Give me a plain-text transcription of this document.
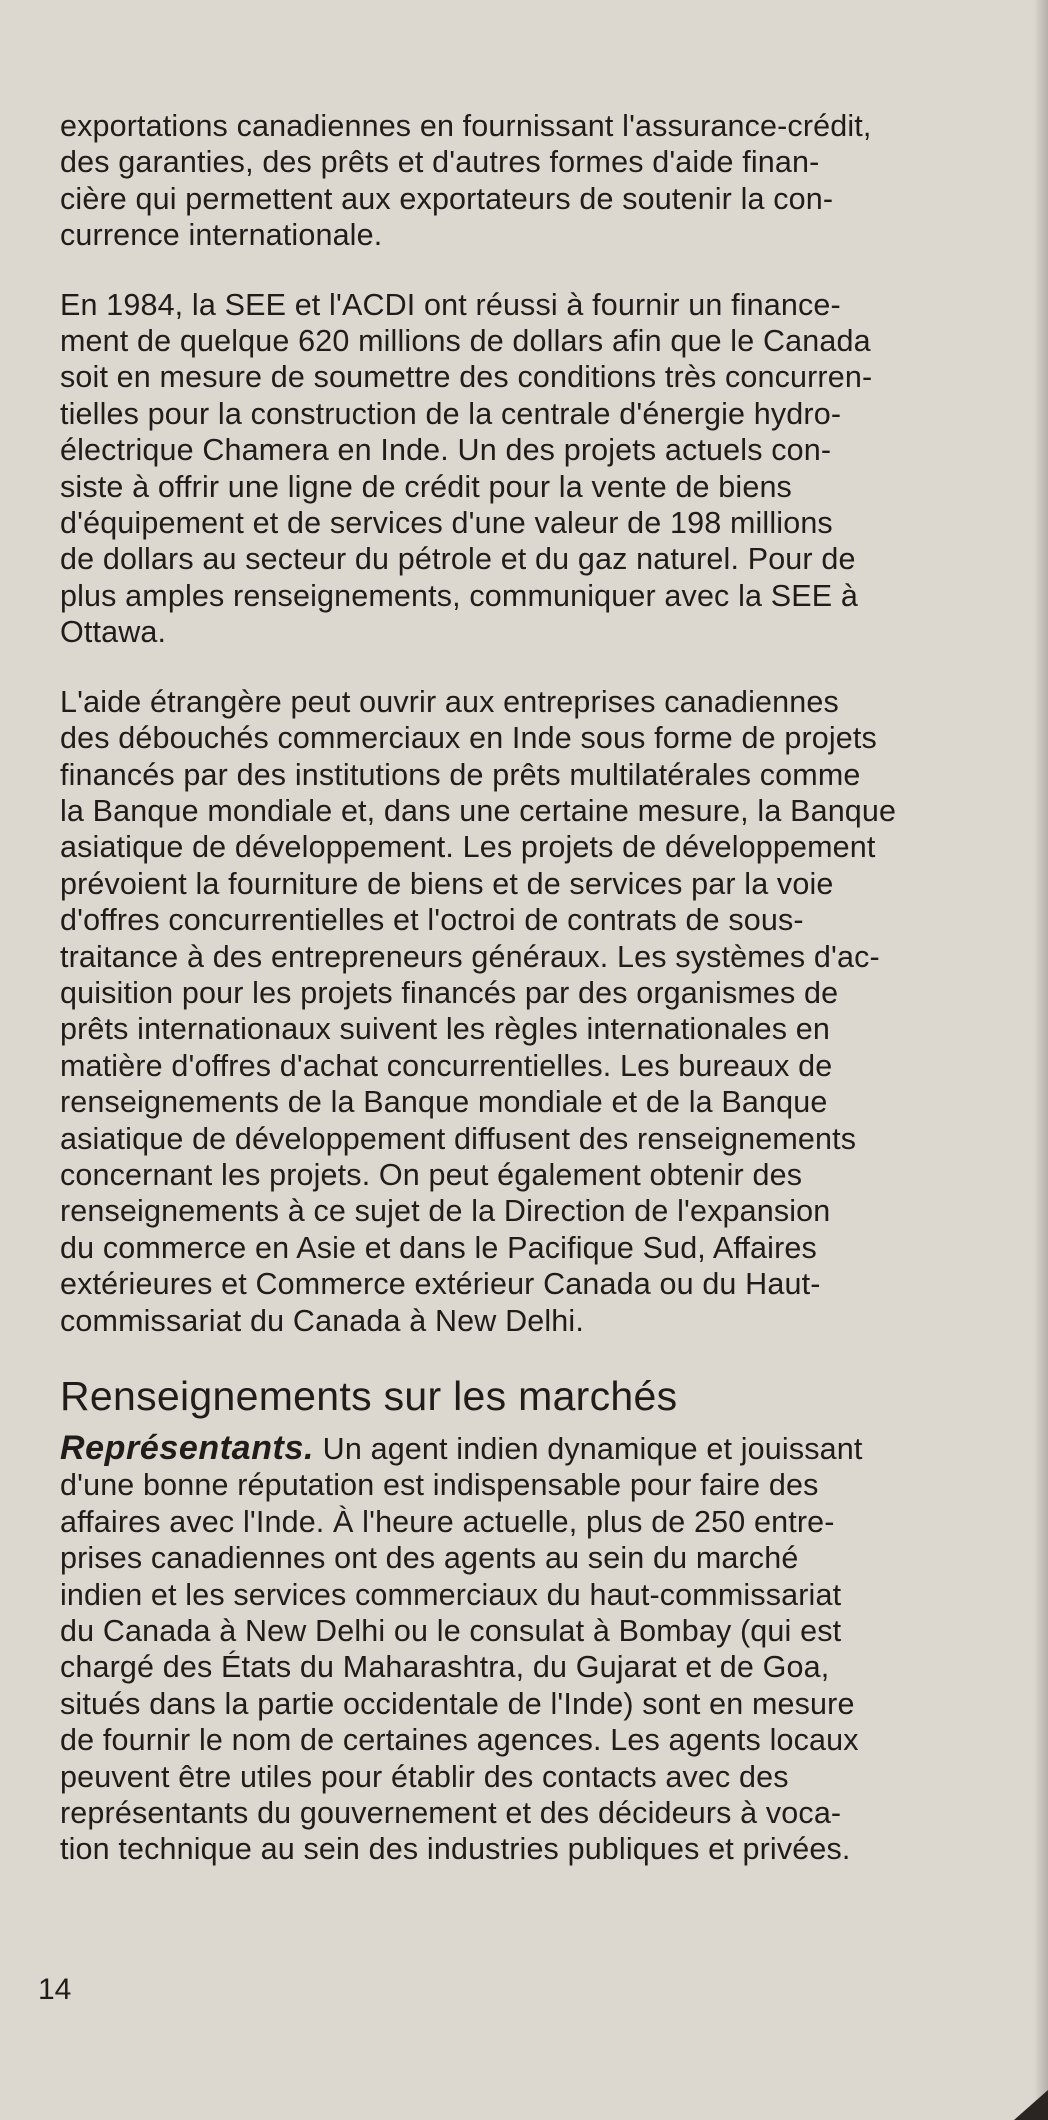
exportations canadiennes en fournissant l'assurance-crédit,
des garanties, des prêts et d'autres formes d'aide finan-
cière qui permettent aux exportateurs de soutenir la con-
currence internationale.

En 1984, la SEE et l'ACDI ont réussi à fournir un finance-
ment de quelque 620 millions de dollars afin que le Canada
soit en mesure de soumettre des conditions très concurren-
tielles pour la construction de la centrale d'énergie hydro-
électrique Chamera en Inde. Un des projets actuels con-
siste à offrir une ligne de crédit pour la vente de biens
d'équipement et de services d'une valeur de 198 millions
de dollars au secteur du pétrole et du gaz naturel. Pour de
plus amples renseignements, communiquer avec la SEE à
Ottawa.

L'aide étrangère peut ouvrir aux entreprises canadiennes
des débouchés commerciaux en Inde sous forme de projets
financés par des institutions de prêts multilatérales comme
la Banque mondiale et, dans une certaine mesure, la Banque
asiatique de développement. Les projets de développement
prévoient la fourniture de biens et de services par la voie
d'offres concurrentielles et l'octroi de contrats de sous-
traitance à des entrepreneurs généraux. Les systèmes d'ac-
quisition pour les projets financés par des organismes de
prêts internationaux suivent les règles internationales en
matière d'offres d'achat concurrentielles. Les bureaux de
renseignements de la Banque mondiale et de la Banque
asiatique de développement diffusent des renseignements
concernant les projets. On peut également obtenir des
renseignements à ce sujet de la Direction de l'expansion
du commerce en Asie et dans le Pacifique Sud, Affaires
extérieures et Commerce extérieur Canada ou du Haut-
commissariat du Canada à New Delhi.

Renseignements sur les marchés

Représentants. Un agent indien dynamique et jouissant
d'une bonne réputation est indispensable pour faire des
affaires avec l'Inde. À l'heure actuelle, plus de 250 entre-
prises canadiennes ont des agents au sein du marché
indien et les services commerciaux du haut-commissariat
du Canada à New Delhi ou le consulat à Bombay (qui est
chargé des États du Maharashtra, du Gujarat et de Goa,
situés dans la partie occidentale de l'Inde) sont en mesure
de fournir le nom de certaines agences. Les agents locaux
peuvent être utiles pour établir des contacts avec des
représentants du gouvernement et des décideurs à voca-
tion technique au sein des industries publiques et privées.

14
